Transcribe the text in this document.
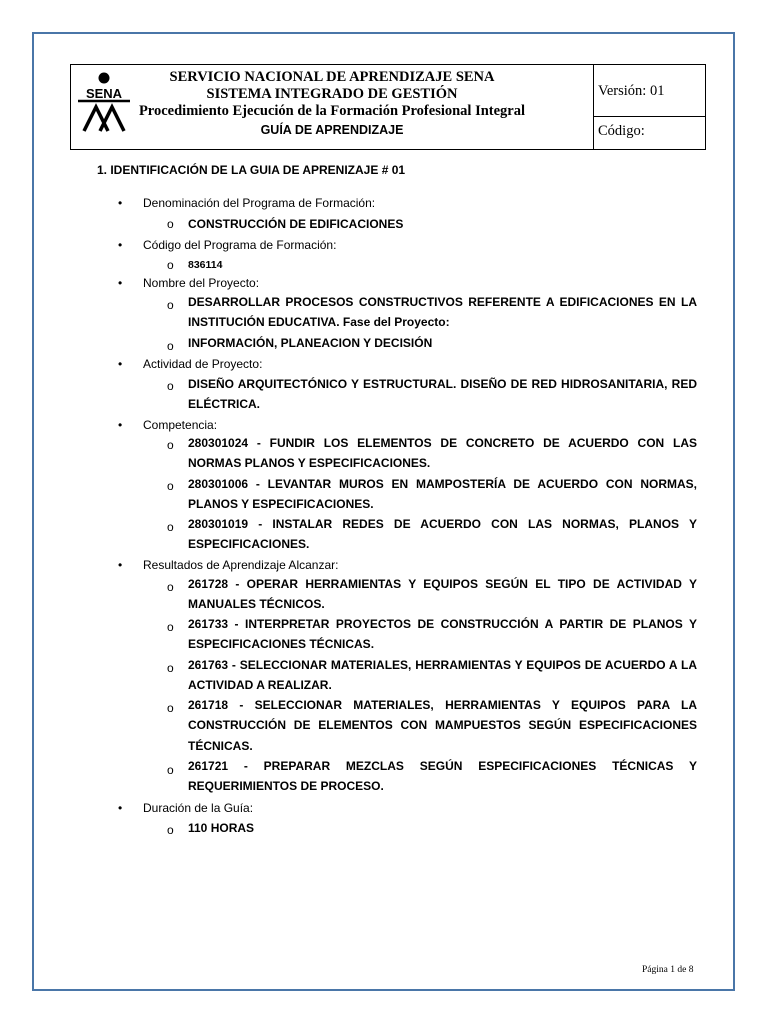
SENA
SERVICIO NACIONAL DE APRENDIZAJE SENA
SISTEMA INTEGRADO DE GESTIÓN
Procedimiento Ejecución de la Formación Profesional Integral
GUÍA DE APRENDIZAJE
Versión: 01
Código:
1. IDENTIFICACIÓN DE LA GUIA DE APRENIZAJE # 01
• Denominación del Programa de Formación:
o CONSTRUCCIÓN DE EDIFICACIONES
• Código del Programa de Formación:
o 836114
• Nombre del Proyecto:
o DESARROLLAR PROCESOS CONSTRUCTIVOS REFERENTE A EDIFICACIONES EN LA INSTITUCIÓN EDUCATIVA. Fase del Proyecto:
o INFORMACIÓN, PLANEACION Y DECISIÓN
• Actividad de Proyecto:
o DISEÑO ARQUITECTÓNICO Y ESTRUCTURAL. DISEÑO DE RED HIDROSANITARIA, RED ELÉCTRICA.
• Competencia:
o 280301024 - FUNDIR LOS ELEMENTOS DE CONCRETO DE ACUERDO CON LAS NORMAS PLANOS Y ESPECIFICACIONES.
o 280301006 - LEVANTAR MUROS EN MAMPOSTERÍA DE ACUERDO CON NORMAS, PLANOS Y ESPECIFICACIONES.
o 280301019 - INSTALAR REDES DE ACUERDO CON LAS NORMAS, PLANOS Y ESPECIFICACIONES.
• Resultados de Aprendizaje Alcanzar:
o 261728 - OPERAR HERRAMIENTAS Y EQUIPOS SEGÚN EL TIPO DE ACTIVIDAD Y MANUALES TÉCNICOS.
o 261733 - INTERPRETAR PROYECTOS DE CONSTRUCCIÓN A PARTIR DE PLANOS Y ESPECIFICACIONES TÉCNICAS.
o 261763 - SELECCIONAR MATERIALES, HERRAMIENTAS Y EQUIPOS DE ACUERDO A LA ACTIVIDAD A REALIZAR.
o 261718 - SELECCIONAR MATERIALES, HERRAMIENTAS Y EQUIPOS PARA LA CONSTRUCCIÓN DE ELEMENTOS CON MAMPUESTOS SEGÚN ESPECIFICACIONES TÉCNICAS.
o 261721 - PREPARAR MEZCLAS SEGÚN ESPECIFICACIONES TÉCNICAS Y REQUERIMIENTOS DE PROCESO.
• Duración de la Guía:
o 110 HORAS
Página 1 de 8
